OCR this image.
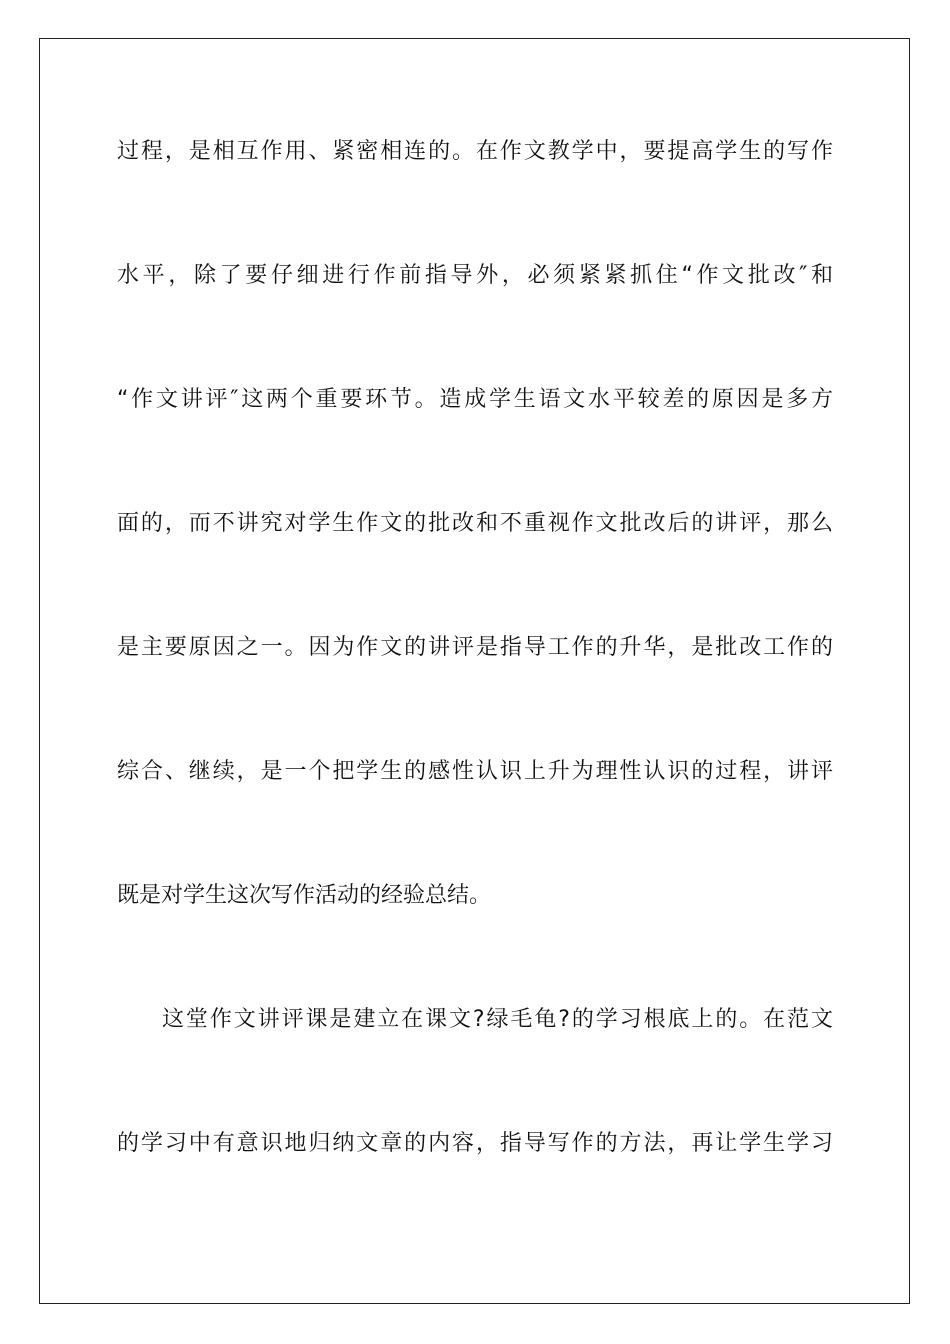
过程，是相互作用、紧密相连的。在作文教学中，要提高学生的写作
水平，除了要仔细进行作前指导外，必须紧紧抓住“作文批改″和
“作文讲评″这两个重要环节。造成学生语文水平较差的原因是多方
面的，而不讲究对学生作文的批改和不重视作文批改后的讲评，那么
是主要原因之一。因为作文的讲评是指导工作的升华，是批改工作的
综合、继续，是一个把学生的感性认识上升为理性认识的过程，讲评
既是对学生这次写作活动的经验总结。
这堂作文讲评课是建立在课文?绿毛龟?的学习根底上的。在范文
的学习中有意识地归纳文章的内容，指导写作的方法，再让学生学习
